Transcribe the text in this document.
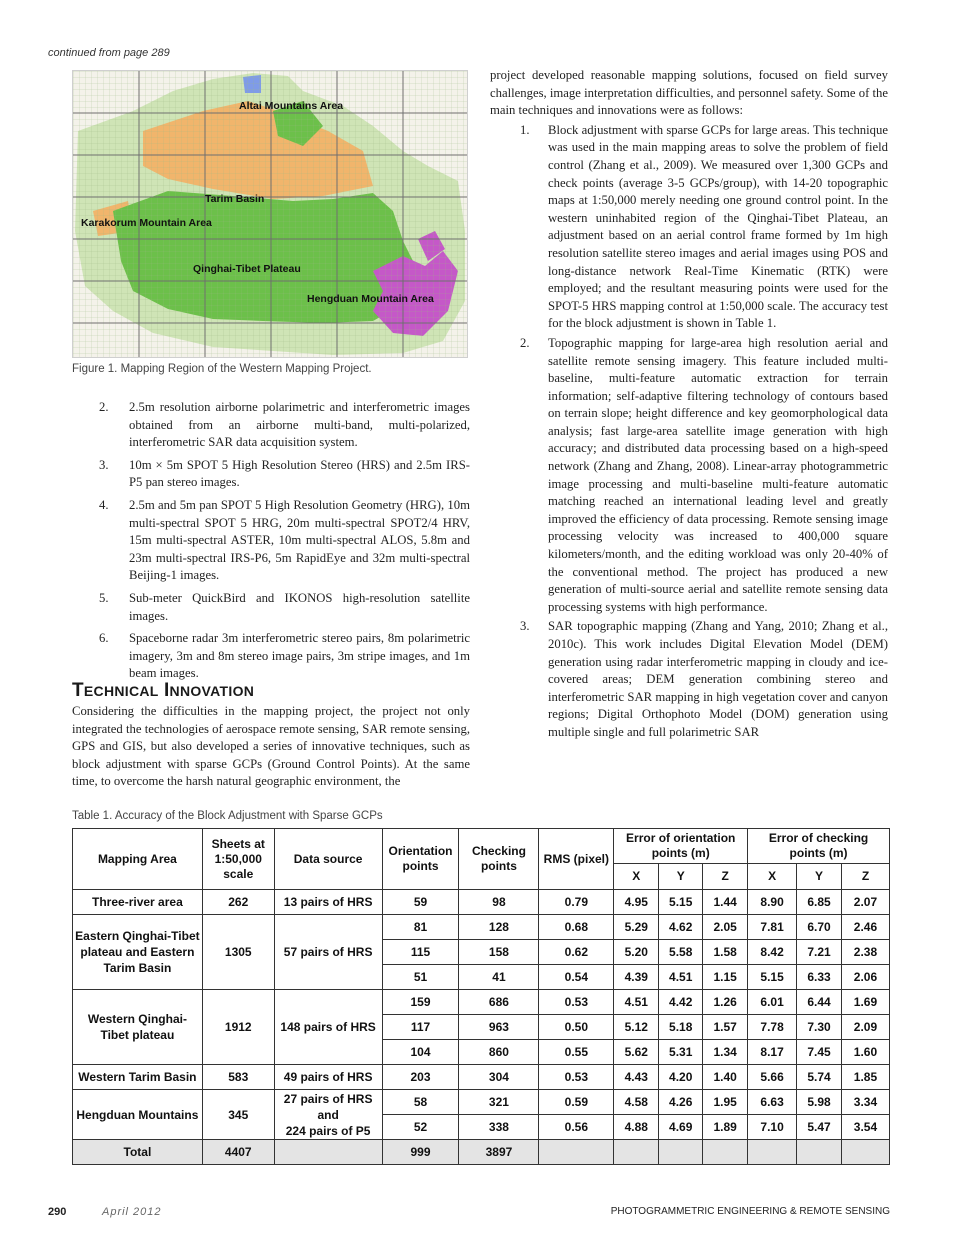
continued from page 289
Altai Mountains Area
Tarim Basin
Karakorum Mountain Area
Qinghai-Tibet Plateau
Hengduan Mountain Area
Figure 1. Mapping Region of the Western Mapping Project.
2. 2.5m resolution airborne polarimetric and interferometric images obtained from an airborne multi-band, multi-polarized, interferometric SAR data acquisition system.
3. 10m × 5m SPOT 5 High Resolution Stereo (HRS) and 2.5m IRS-P5 pan stereo images.
4. 2.5m and 5m pan SPOT 5 High Resolution Geometry (HRG), 10m multi-spectral SPOT 5 HRG, 20m multi-spectral SPOT2/4 HRV, 15m multi-spectral ASTER, 10m multi-spectral ALOS, 5.8m and 23m multi-spectral IRS-P6, 5m RapidEye and 32m multi-spectral Beijing-1 images.
5. Sub-meter QuickBird and IKONOS high-resolution satellite images.
6. Spaceborne radar 3m interferometric stereo pairs, 8m polarimetric imagery, 3m and 8m stereo image pairs, 3m stripe images, and 1m beam images.
TECHNICAL INNOVATION
Considering the difficulties in the mapping project, the project not only integrated the technologies of aerospace remote sensing, SAR remote sensing, GPS and GIS, but also developed a series of innovative techniques, such as block adjustment with sparse GCPs (Ground Control Points). At the same time, to overcome the harsh natural geographic environment, the

project developed reasonable mapping solutions, focused on field survey challenges, image interpretation difficulties, and personnel safety. Some of the main techniques and innovations were as follows:

1. Block adjustment with sparse GCPs for large areas. This technique was used in the main mapping areas to solve the problem of field control (Zhang et al., 2009). We measured over 1,300 GCPs and check points (average 3-5 GCPs/group), with 14-20 topographic maps at 1:50,000 merely needing one ground control point. In the western uninhabited region of the Qinghai-Tibet Plateau, an adjustment based on an aerial control frame formed by 1m high resolution satellite stereo images and aerial images using POS and long-distance network Real-Time Kinematic (RTK) were employed; and the resultant measuring points were used for the SPOT-5 HRS mapping control at 1:50,000 scale. The accuracy test for the block adjustment is shown in Table 1.
2. Topographic mapping for large-area high resolution aerial and satellite remote sensing imagery. This feature included multi-baseline, multi-feature automatic extraction for terrain information; self-adaptive filtering technology of contours based on terrain slope; height difference and key geomorphological data analysis; fast large-area satellite image generation with high accuracy; and distributed data processing based on a high-speed network (Zhang and Zhang, 2008). Linear-array photogrammetric image processing and multi-baseline multi-feature automatic matching reached an international leading level and greatly improved the efficiency of data processing. Remote sensing image processing velocity was increased to 400,000 square kilometers/month, and the editing workload was only 20-40% of the conventional method. The project has produced a new generation of multi-source aerial and satellite remote sensing data processing systems with high performance.
3. SAR topographic mapping (Zhang and Yang, 2010; Zhang et al., 2010c). This work includes Digital Elevation Model (DEM) generation using radar interferometric mapping in cloudy and ice-covered areas; DEM generation combining stereo and interferometric SAR mapping in high vegetation cover and canyon regions; Digital Orthophoto Model (DOM) generation using multiple single and full polarimetric SAR
Table 1. Accuracy of the Block Adjustment with Sparse GCPs
Mapping Area	Sheets at 1:50,000 scale	Data source	Orientation points	Checking points	RMS (pixel)	Error of orientation points (m)			Error of checking points (m)		
						X	Y	Z	X	Y	Z
Three-river area	262	13 pairs of HRS	59	98	0.79	4.95	5.15	1.44	8.90	6.85	2.07
Eastern Qinghai-Tibet plateau and Eastern Tarim Basin	1305	57 pairs of HRS	81	128	0.68	5.29	4.62	2.05	7.81	6.70	2.46
			115	158	0.62	5.20	5.58	1.58	8.42	7.21	2.38
			51	41	0.54	4.39	4.51	1.15	5.15	6.33	2.06
Western Qinghai-Tibet plateau	1912	148 pairs of HRS	159	686	0.53	4.51	4.42	1.26	6.01	6.44	1.69
			117	963	0.50	5.12	5.18	1.57	7.78	7.30	2.09
			104	860	0.55	5.62	5.31	1.34	8.17	7.45	1.60
Western Tarim Basin	583	49 pairs of HRS	203	304	0.53	4.43	4.20	1.40	5.66	5.74	1.85
Hengduan Mountains	345	27 pairs of HRS
and
224 pairs of P5	58	321	0.59	4.58	4.26	1.95	6.63	5.98	3.34
			52	338	0.56	4.88	4.69	1.89	7.10	5.47	3.54
Total	4407		999	3897							
290	April 2012	PHOTOGRAMMETRIC ENGINEERING & REMOTE SENSING
